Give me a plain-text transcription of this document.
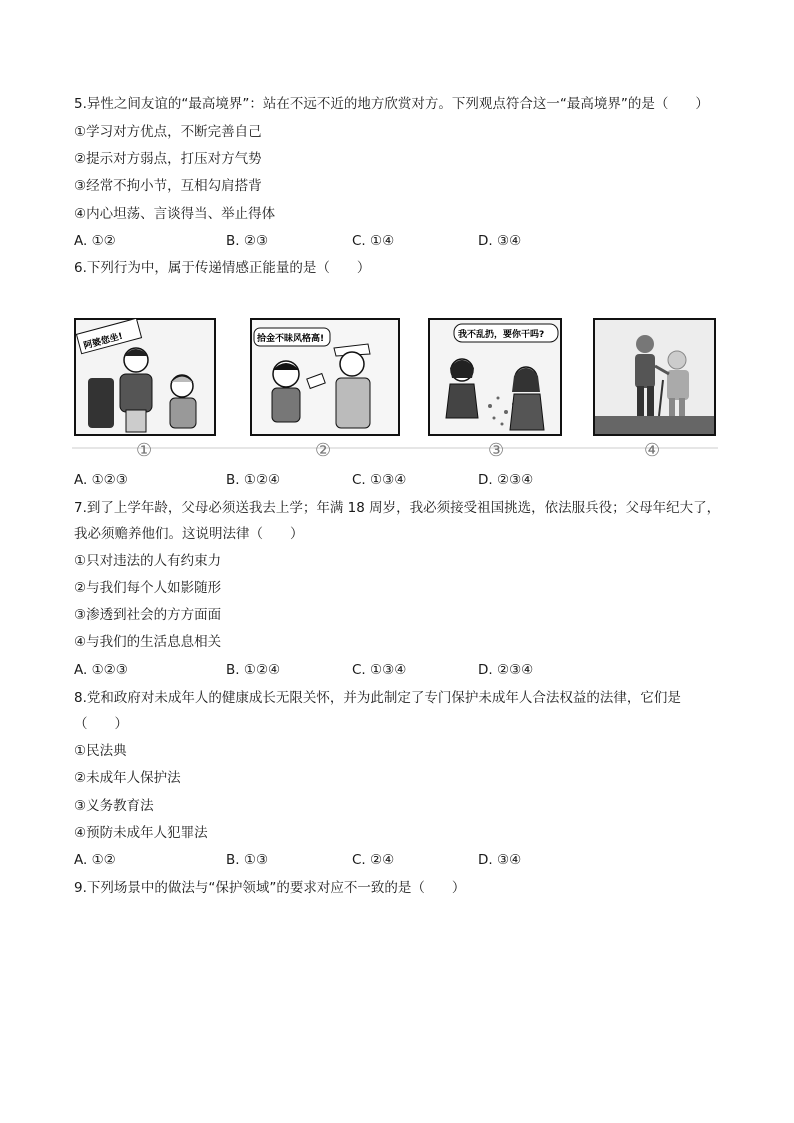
5.异性之间友谊的“最高境界”：站在不远不近的地方欣赏对方。下列观点符合这一“最高境界”的是（　　）
①学习对方优点，不断完善自己
②提示对方弱点，打压对方气势
③经常不拘小节，互相勾肩搭背
④内心坦荡、言谈得当、举止得体
A. ①②	B. ②③	C. ①④	D. ③④
6.下列行为中，属于传递情感正能量的是（　　）
阿婆您坐!	拾金不昧风格高!	我不乱扔，要你干吗?
①	②	③	④
A. ①②③	B. ①②④	C. ①③④	D. ②③④
7.到了上学年龄，父母必须送我去上学；年满 18 周岁，我必须接受祖国挑选，依法服兵役；父母年纪大了，
我必须赡养他们。这说明法律（　　）
①只对违法的人有约束力
②与我们每个人如影随形
③渗透到社会的方方面面
④与我们的生活息息相关
A. ①②③	B. ①②④	C. ①③④	D. ②③④
8.党和政府对未成年人的健康成长无限关怀，并为此制定了专门保护未成年人合法权益的法律，它们是
（　　）
①民法典
②未成年人保护法
③义务教育法
④预防未成年人犯罪法
A. ①②	B. ①③	C. ②④	D. ③④
9.下列场景中的做法与“保护领域”的要求对应不一致的是（　　）
